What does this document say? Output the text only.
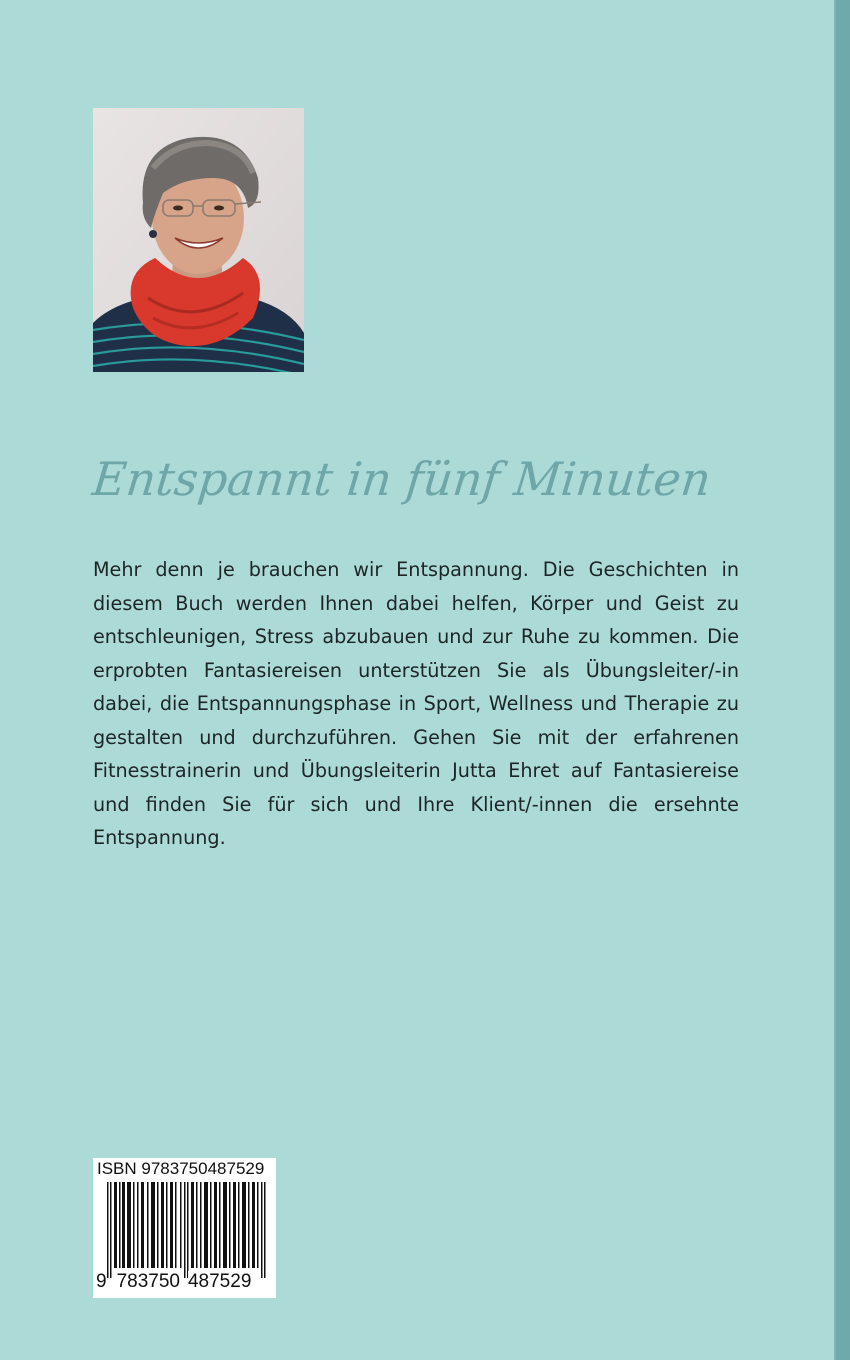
Entspannt in fünf Minuten

Mehr denn je brauchen wir Entspannung. Die Geschichten in diesem Buch werden Ihnen dabei helfen, Körper und Geist zu entschleunigen, Stress abzubauen und zur Ruhe zu kommen. Die erprobten Fantasiereisen unterstützen Sie als Übungsleiter/-in dabei, die Entspannungsphase in Sport, Wellness und Therapie zu gestalten und durchzuführen. Gehen Sie mit der erfahrenen Fitnesstrainerin und Übungsleiterin Jutta Ehret auf Fantasiereise und finden Sie für sich und Ihre Klient/-innen die ersehnte Entspannung.

ISBN 9783750487529
9 783750 487529
